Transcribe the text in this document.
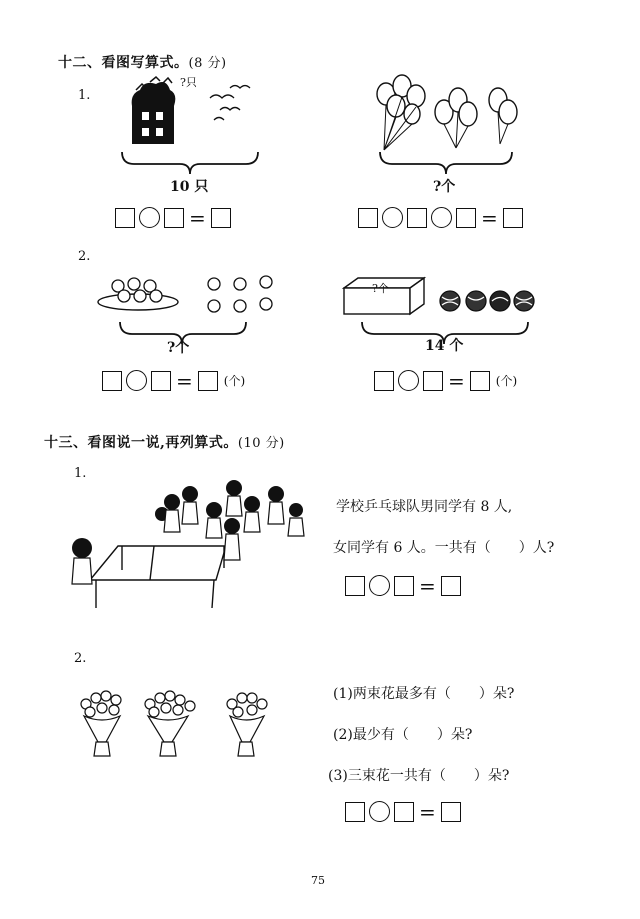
十二、看图写算式。(8 分)
1.
?只
10 只
=
?个
=
2.
?个
=	(个)
?个
14 个
=	(个)
十三、看图说一说,再列算式。(10 分)
1.
学校乒乓球队男同学有 8 人,
女同学有 6 人。一共有（　　）人?
=
2.
(1)两束花最多有（　　）朵?
(2)最少有（　　）朵?
(3)三束花一共有（　　）朵?
=
75
